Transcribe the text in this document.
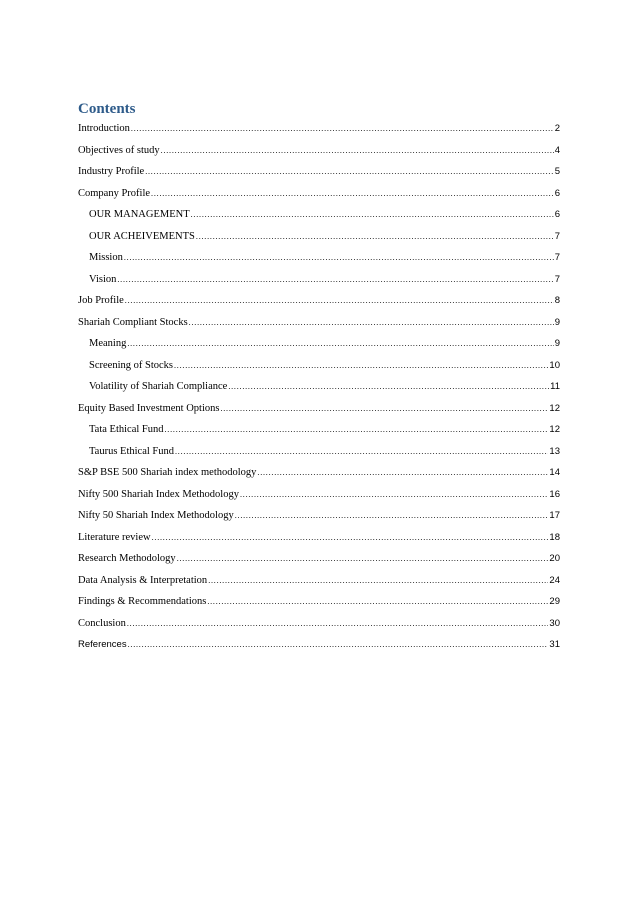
Contents
Introduction .....	2
Objectives of study .....	4
Industry Profile .....	5
Company Profile .....	6
OUR MANAGEMENT .....	6
OUR ACHEIVEMENTS .....	7
Mission .....	7
Vision .....	7
Job Profile .....	8
Shariah Compliant Stocks .....	9
Meaning .....	9
Screening of Stocks .....	10
Volatility of Shariah Compliance .....	11
Equity Based Investment Options .....	12
Tata Ethical Fund .....	12
Taurus Ethical Fund .....	13
S&P BSE 500 Shariah index methodology .....	14
Nifty 500 Shariah Index Methodology .....	16
Nifty 50 Shariah Index Methodology .....	17
Literature review .....	18
Research Methodology .....	20
Data Analysis & Interpretation .....	24
Findings & Recommendations .....	29
Conclusion .....	30
References .....	31
